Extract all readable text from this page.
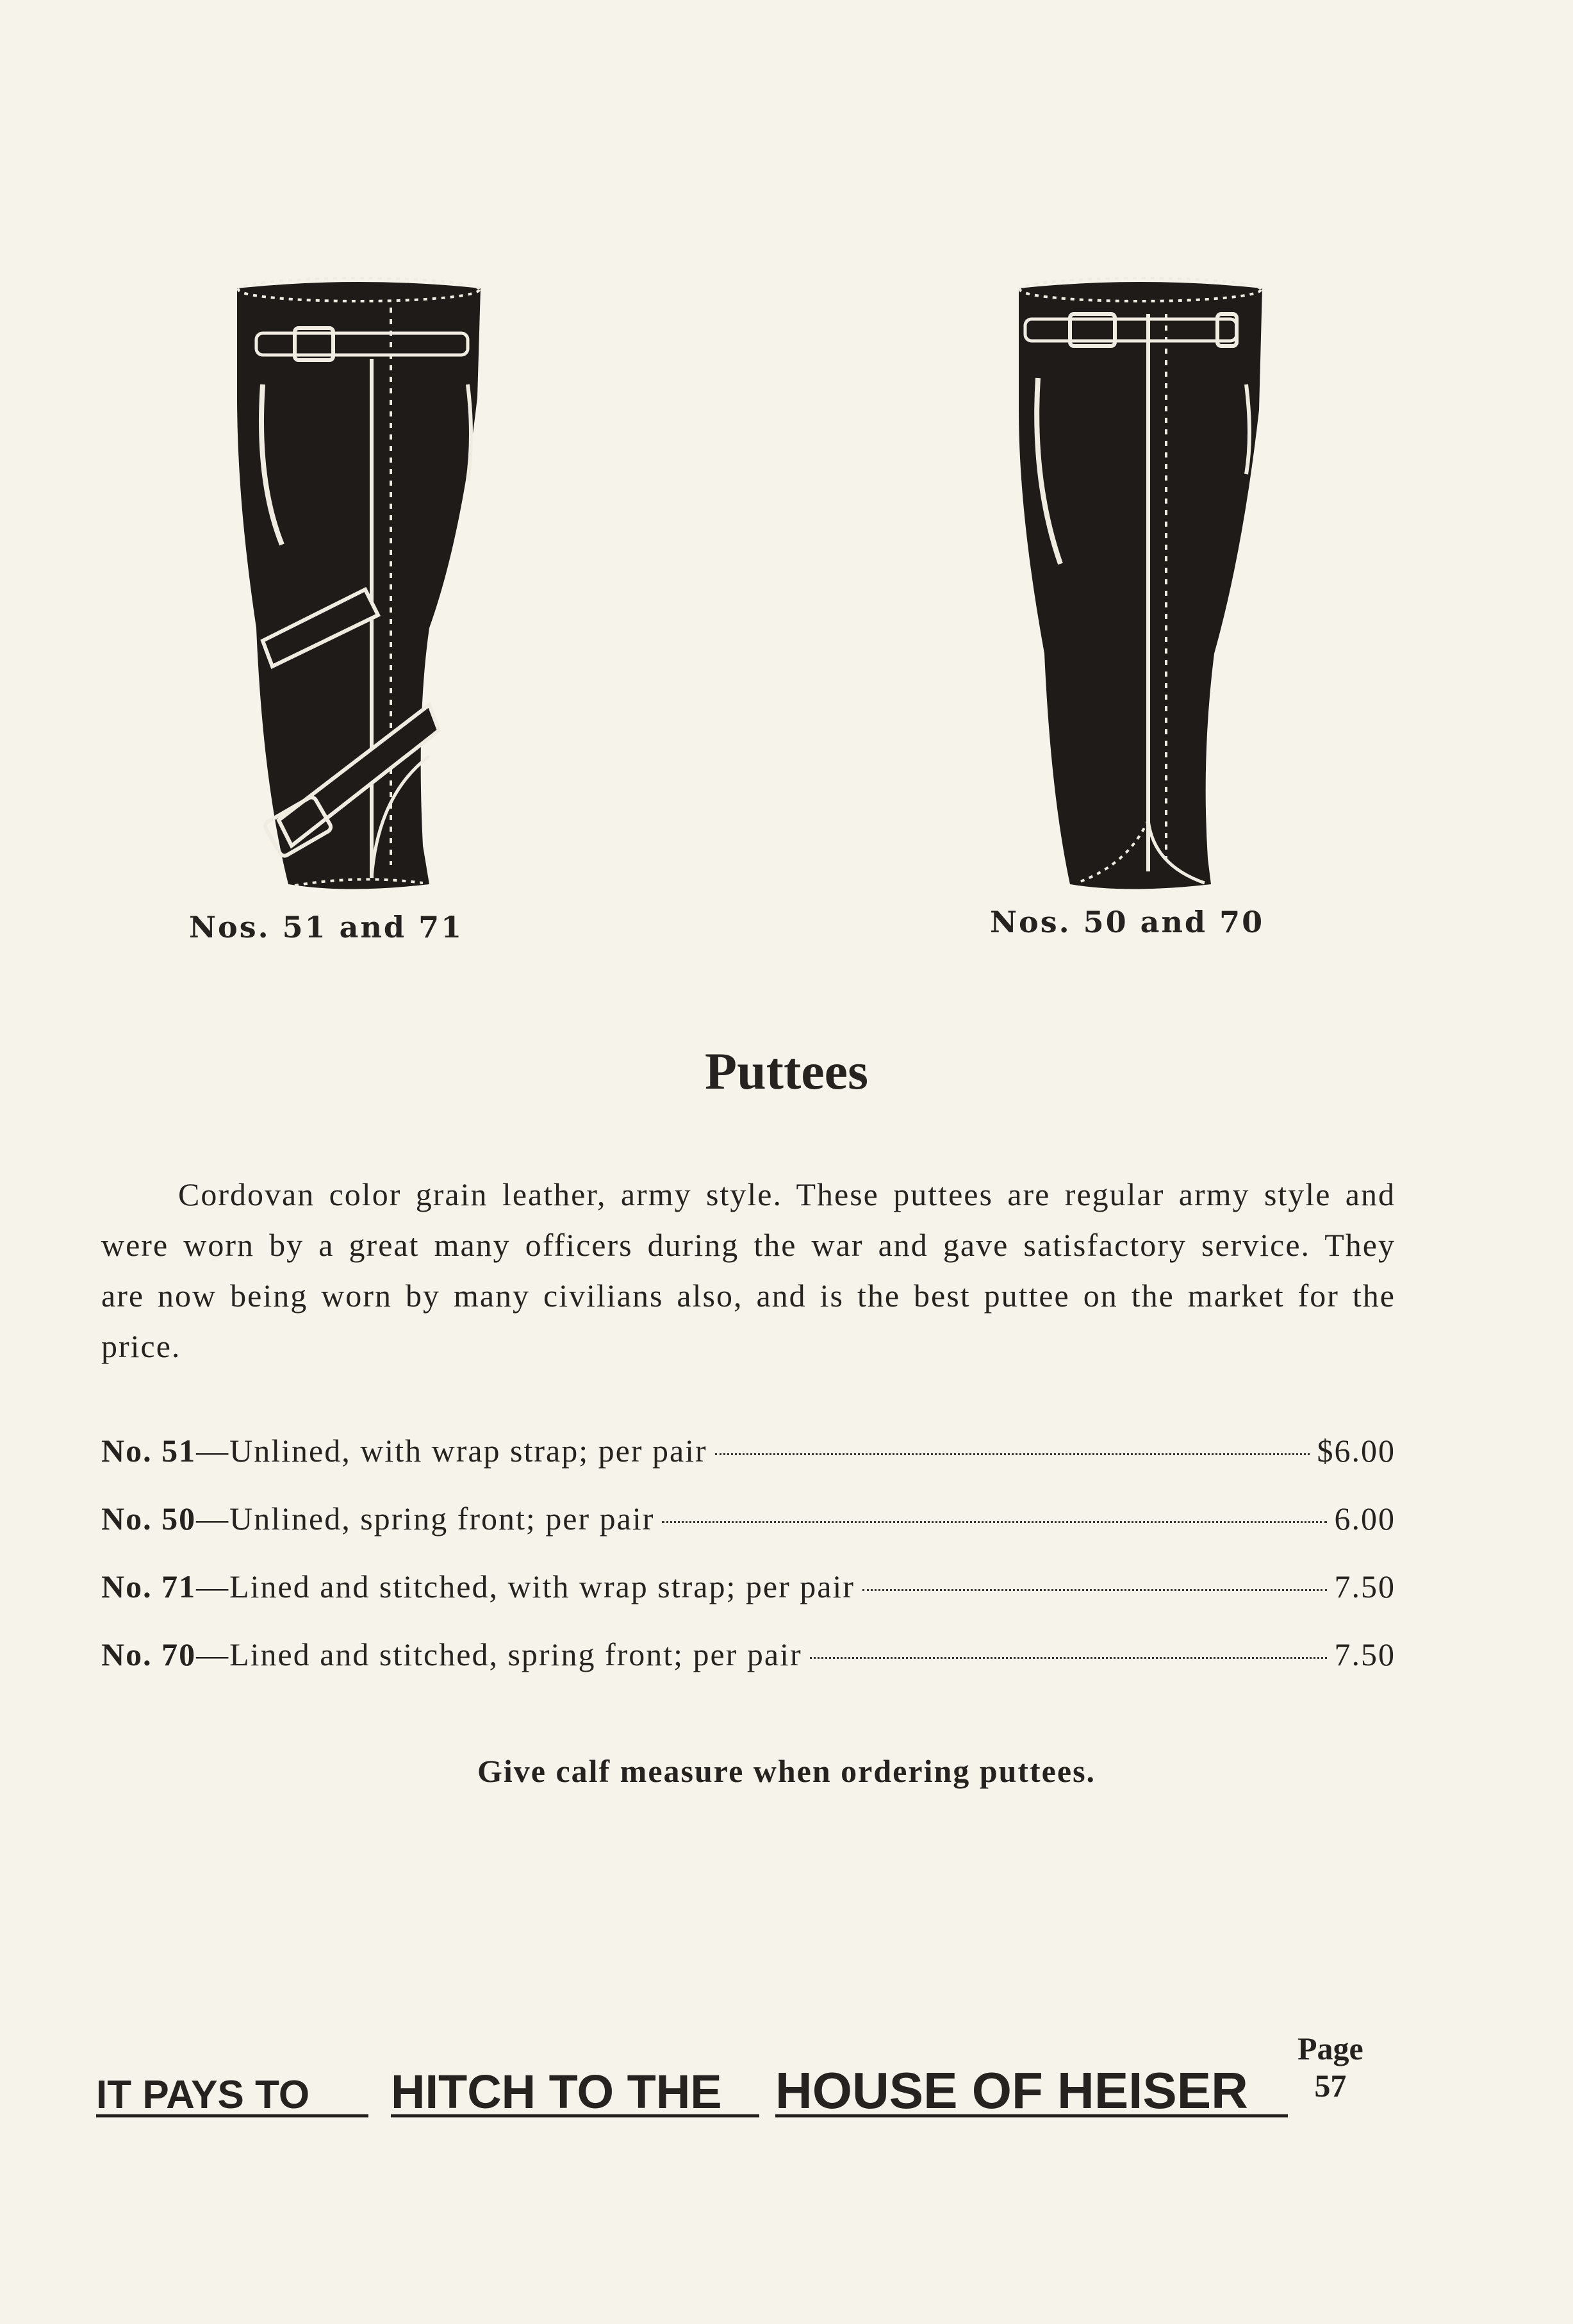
Nos. 51 and 71	Nos. 50 and 70
Puttees
Cordovan color grain leather, army style. These puttees are regular army style and were worn by a great many officers during the war and gave satisfactory service. They are now being worn by many civilians also, and is the best puttee on the market for the price.
No. 51 —Unlined, with wrap strap; per pair	$6.00
No. 50 —Unlined, spring front; per pair	6.00
No. 71 —Lined and stitched, with wrap strap; per pair	7.50
No. 70 —Lined and stitched, spring front; per pair	7.50
Give calf measure when ordering puttees.
IT PAYS TO HITCH TO THE HOUSE OF HEISER
Page
57
